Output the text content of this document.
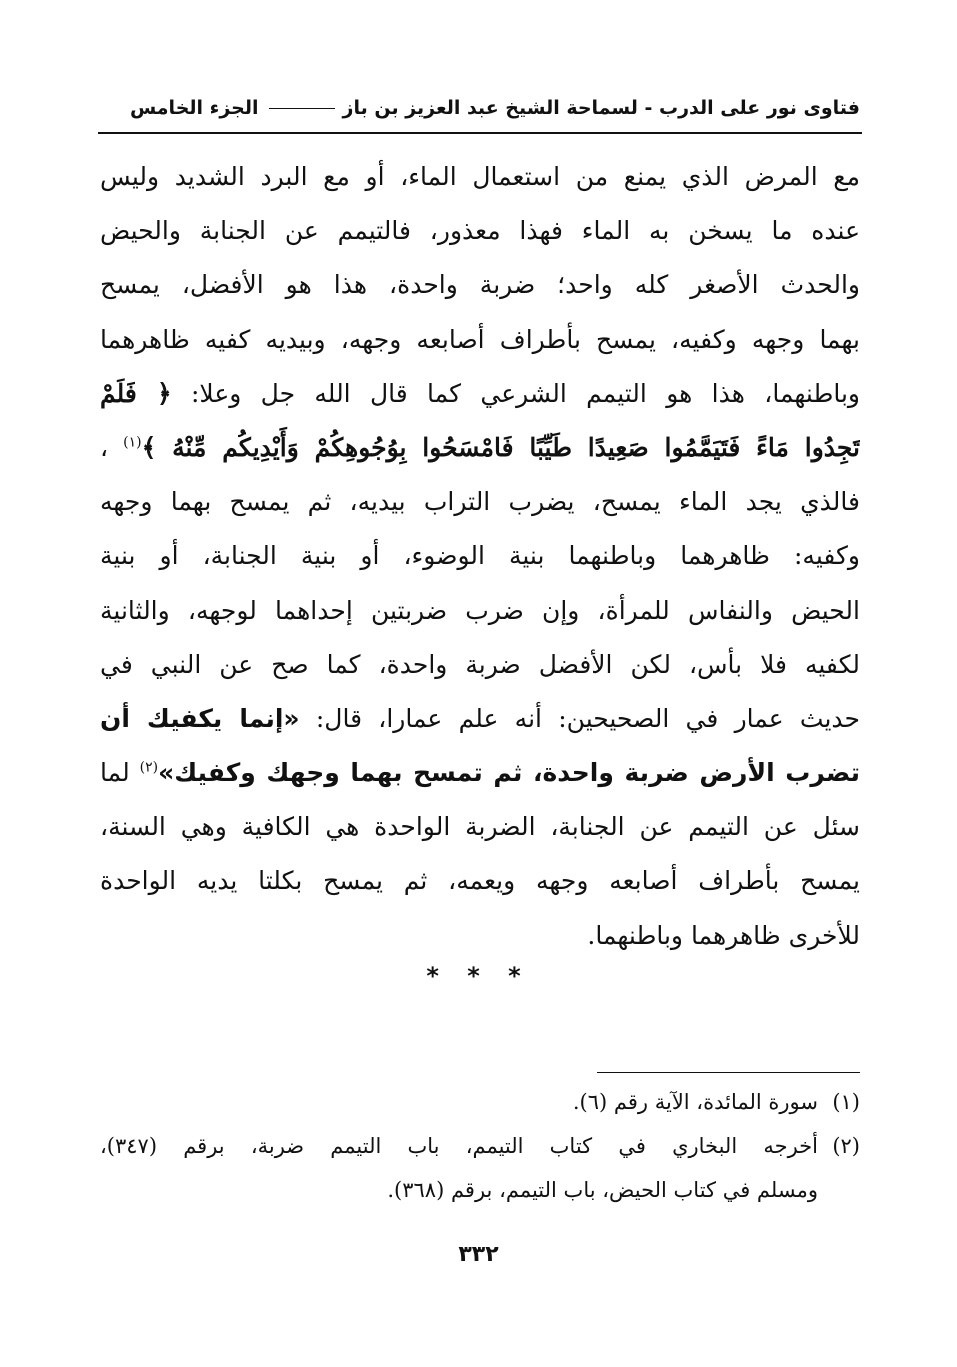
فتاوى نور على الدرب - لسماحة الشيخ عبد العزيز بن باز
الجزء الخامس
مع المرض الذي يمنع من استعمال الماء، أو مع البرد الشديد وليس
عنده ما يسخن به الماء فهذا معذور، فالتيمم عن الجنابة والحيض
والحدث الأصغر كله واحد؛ ضربة واحدة، هذا هو الأفضل، يمسح
بهما وجهه وكفيه، يمسح بأطراف أصابعه وجهه، وبيديه كفيه ظاهرهما
وباطنهما، هذا هو التيمم الشرعي كما قال الله جل وعلا: ﴿ فَلَمْ
تَجِدُوا مَاءً فَتَيَمَّمُوا صَعِيدًا طَيِّبًا فَامْسَحُوا بِوُجُوهِكُمْ وَأَيْدِيكُم مِّنْهُ ﴾$^{(١)}$ ،
فالذي يجد الماء يمسح، يضرب التراب بيديه، ثم يمسح بهما وجهه
وكفيه: ظاهرهما وباطنهما بنية الوضوء، أو بنية الجنابة، أو بنية
الحيض والنفاس للمرأة، وإن ضرب ضربتين إحداهما لوجهه، والثانية
لكفيه فلا بأس، لكن الأفضل ضربة واحدة، كما صح عن النبي في
حديث عمار في الصحيحين: أنه علم عمارا، قال: «إنما يكفيك أن
تضرب الأرض ضربة واحدة، ثم تمسح بهما وجهك وكفيك»$^{(٢)}$ لما
سئل عن التيمم عن الجنابة، الضربة الواحدة هي الكافية وهي السنة،
يمسح بأطراف أصابعه وجهه ويعمه، ثم يمسح بكلتا يديه الواحدة
للأخرى ظاهرهما وباطنهما.
* * *
(١)سورة المائدة، الآية رقم (٦).
(٢)أخرجه البخاري في كتاب التيمم، باب التيمم ضربة، برقم (٣٤٧)،
ومسلم في كتاب الحيض، باب التيمم، برقم (٣٦٨).
٣٣٢
